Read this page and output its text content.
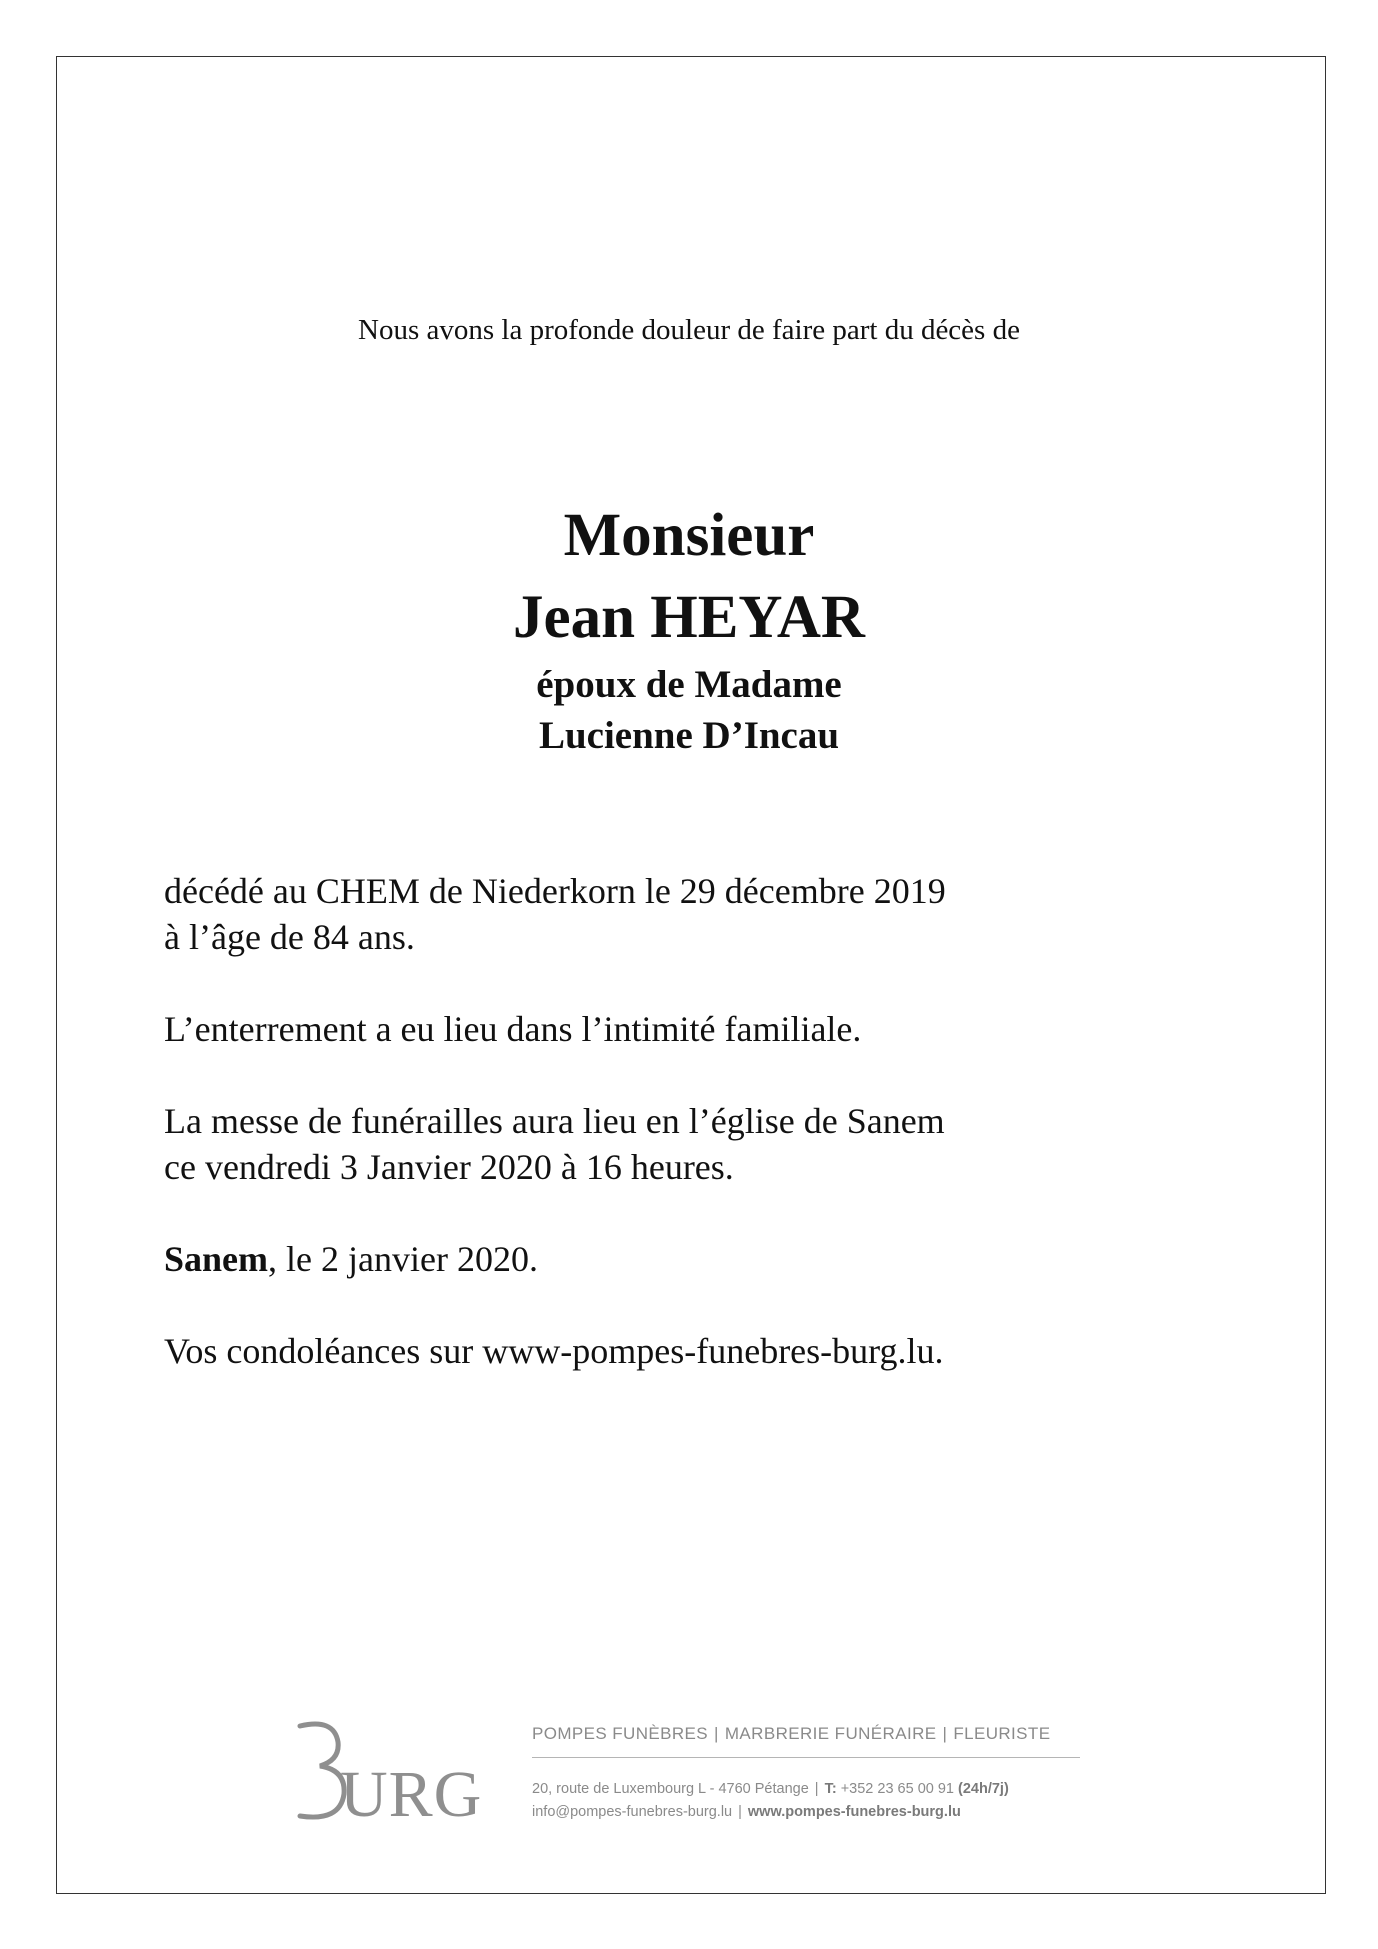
Nous avons la profonde douleur de faire part du décès de
Monsieur
Jean HEYAR
époux de Madame
Lucienne D’Incau
décédé au CHEM de Niederkorn le 29 décembre 2019
à l’âge de 84 ans.
L’enterrement a eu lieu dans l’intimité familiale.
La messe de funérailles aura lieu en l’église de Sanem
ce vendredi 3 Janvier 2020 à 16 heures.
Sanem, le 2 janvier 2020.
Vos condoléances sur www-pompes-funebres-burg.lu.
URG
POMPES FUNÈBRES | MARBRERIE FUNÉRAIRE | FLEURISTE
20, route de Luxembourg L - 4760 Pétange | T: +352 23 65 00 91 (24h/7j)
info@pompes-funebres-burg.lu | www.pompes-funebres-burg.lu
